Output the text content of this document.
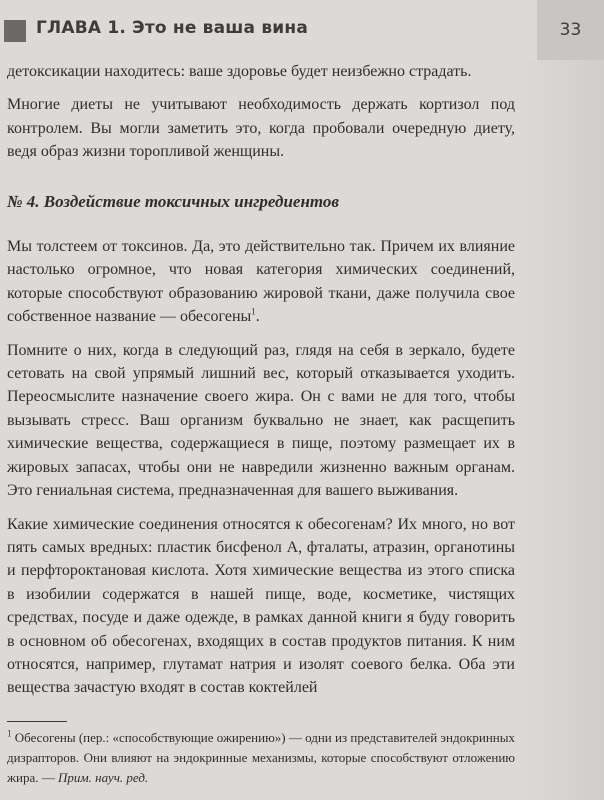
ГЛАВА 1. Это не ваша вина	33

детоксикации находитесь: ваше здоровье будет неизбежно страдать.

Многие диеты не учитывают необходимость держать кортизол под контролем. Вы могли заметить это, когда пробовали очередную диету, ведя образ жизни торопливой женщины.

№ 4. Воздействие токсичных ингредиентов

Мы толстеем от токсинов. Да, это действительно так. Причем их влияние настолько огромное, что новая категория химических соединений, которые способствуют образованию жировой ткани, даже получила свое собственное название — обесогены$^1$.

Помните о них, когда в следующий раз, глядя на себя в зеркало, будете сетовать на свой упрямый лишний вес, который отказывается уходить. Переосмыслите назначение своего жира. Он с вами не для того, чтобы вызывать стресс. Ваш организм буквально не знает, как расщепить химические вещества, содержащиеся в пище, поэтому размещает их в жировых запасах, чтобы они не навредили жизненно важным органам. Это гениальная система, предназначенная для вашего выживания.

Какие химические соединения относятся к обесогенам? Их много, но вот пять самых вредных: пластик бисфенол А, фталаты, атразин, органотины и перфтороктановая кислота. Хотя химические вещества из этого списка в изобилии содержатся в нашей пище, воде, косметике, чистящих средствах, посуде и даже одежде, в рамках данной книги я буду говорить в основном об обесогенах, входящих в состав продуктов питания. К ним относятся, например, глутамат натрия и изолят соевого белка. Оба эти вещества зачастую входят в состав коктейлей

$^1$ Обесогены (пер.: «способствующие ожирению») — одни из представителей эндокринных дизрапторов. Они влияют на эндокринные механизмы, которые способствуют отложению жира. — Прим. науч. ред.
